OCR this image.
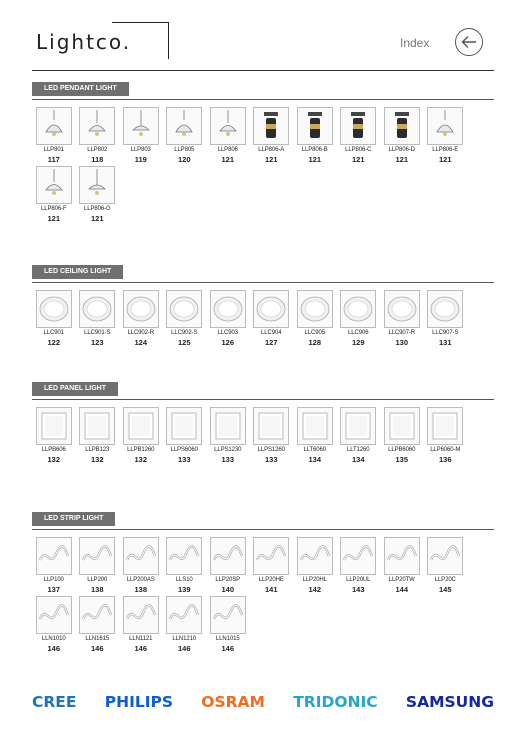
Lightco.	Index
LED PENDANT LIGHT
LLP801
117
LLP802
118
LLP803
119
LLP805
120
LLP806
121
LLP806-A
121
LLP806-B
121
LLP806-C
121
LLP806-D
121
LLP806-E
121
LLP806-F
121
LLP806-G
121
LED CEILING LIGHT
LLC901
122
LLC901-S
123
LLC902-R
124
LLC902-S
125
LLC903
126
LLC904
127
LLC905
128
LLC906
129
LLC907-R
130
LLC907-S
131
LED PANEL LIGHT
LLPB606
132
LLPB123
132
LLPB1260
132
LLPS6060
133
LLPS1230
133
LLPS1260
133
LLT6060
134
LLT1260
134
LLPB6060
135
LLP6060-M
136
LED STRIP LIGHT
LLP100
137
LLP200
138
LLP200AS
138
LLS10
139
LLP20SP
140
LLP20HE
141
LLP20HL
142
LLP20UL
143
LLP20TW
144
LLP20C
145
LLN1010
146
LLN1615
146
LLN1121
146
LLN1210
146
LLN1015
146
CREE PHILIPS OSRAM TRIDONIC SAMSUNG
